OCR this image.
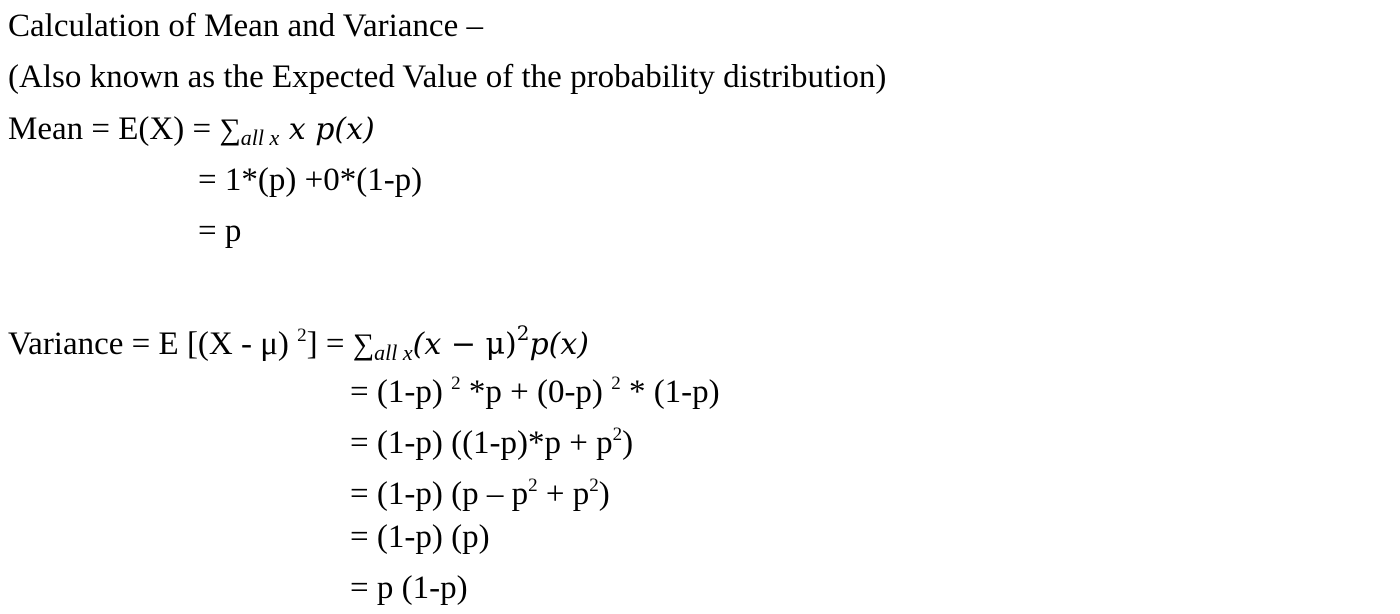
Calculation of Mean and Variance –
(Also known as the Expected Value of the probability distribution)
Mean = $E(X) = \sum_{all x}$ x p(x)
= 1*(p) +0*(1-p)
= p
Variance = E [(X - μ) $^2] = \sum_{all x}(x - \mu)^2p(x)$
= (1-p) $^2$ *p + (0-p) $^2$ * (1-p)
= (1-p) $((1-p)*p + p^2)$
= (1-p) $(p - p^2 + p^2)$
= (1-p) (p)
= p (1-p)
